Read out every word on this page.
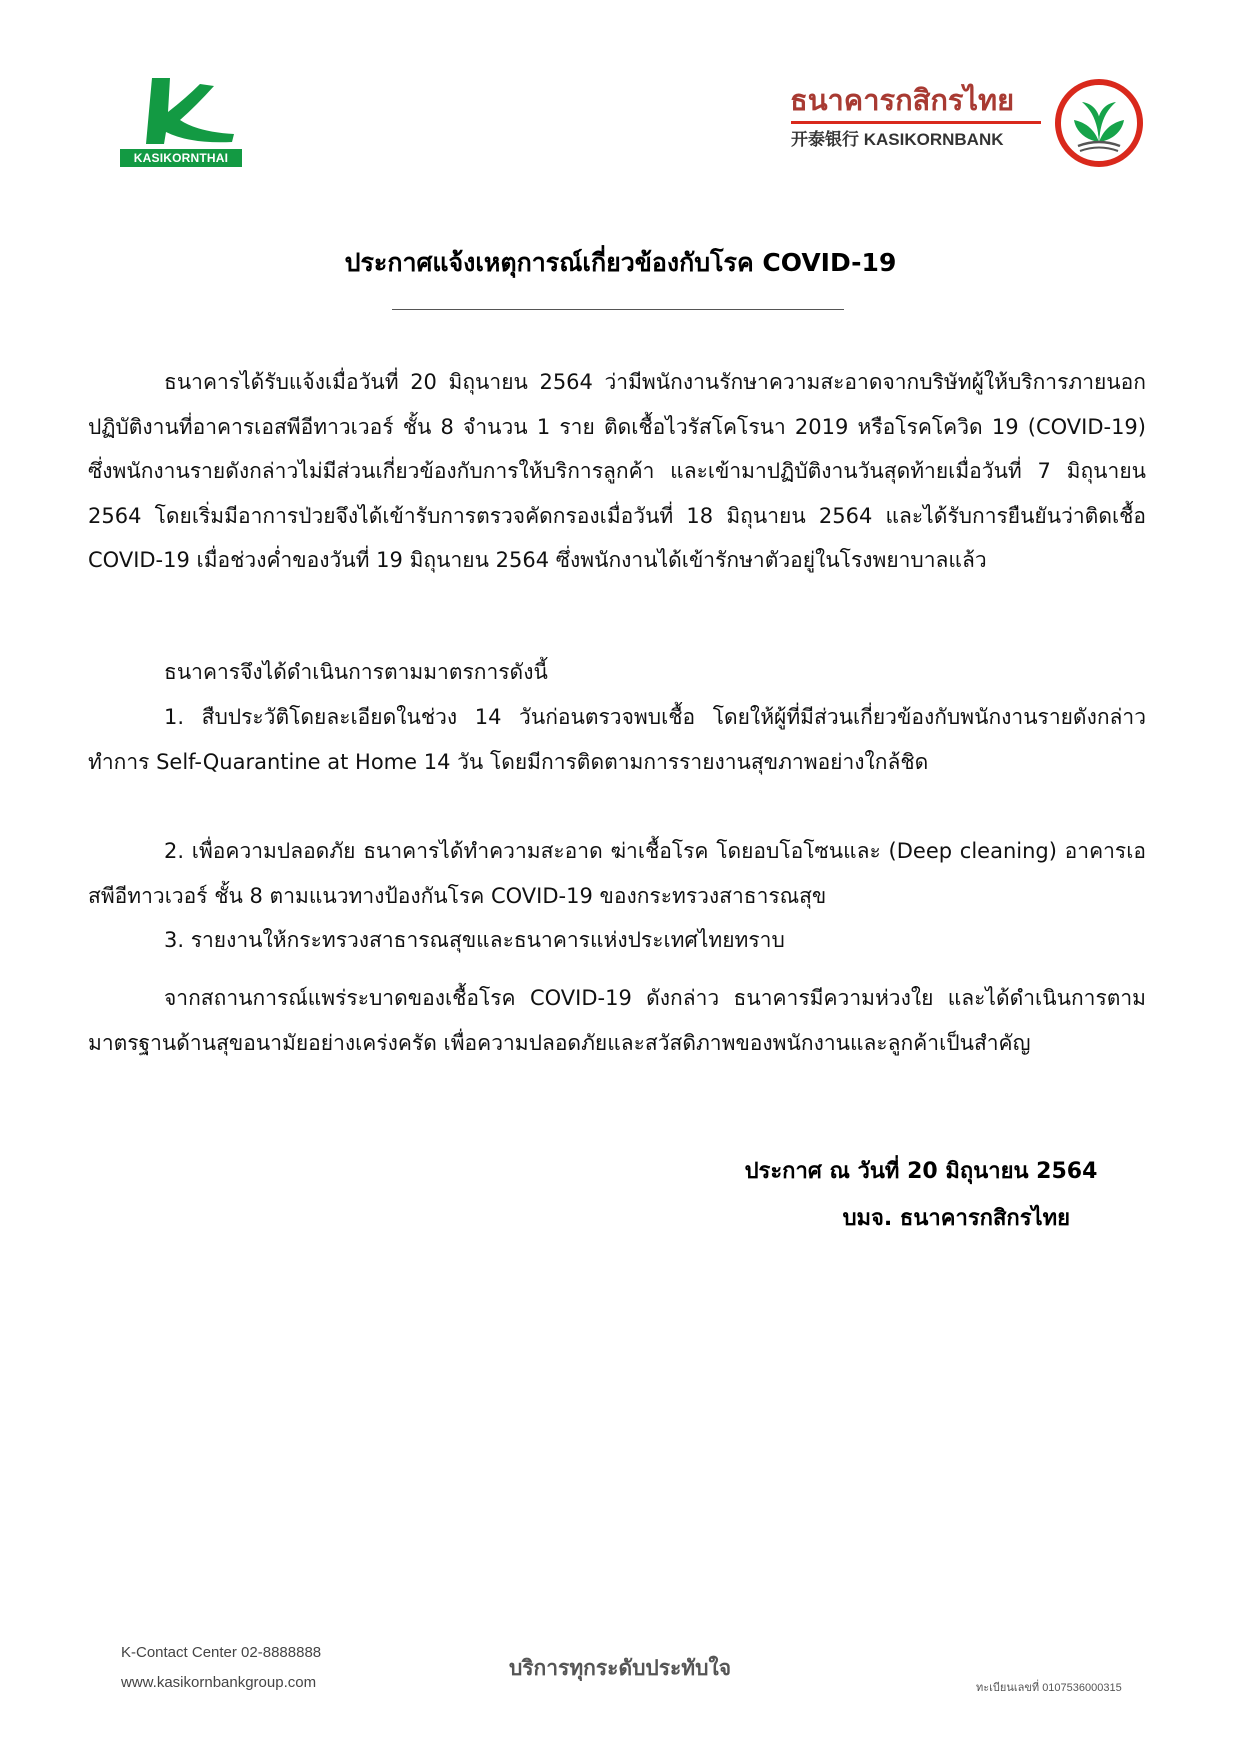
KASIKORNTHAI
ธนาคารกสิกรไทย
开泰银行 KASIKORNBANK
ประกาศแจ้งเหตุการณ์เกี่ยวข้องกับโรค COVID-19
ธนาคารได้รับแจ้งเมื่อวันที่ 20 มิถุนายน 2564 ว่ามีพนักงานรักษาความสะอาดจากบริษัทผู้ให้บริการภายนอก ปฏิบัติงานที่อาคารเอสพีอีทาวเวอร์ ชั้น 8 จำนวน 1 ราย ติดเชื้อไวรัสโคโรนา 2019 หรือโรคโควิด 19 (COVID-19) ซึ่งพนักงานรายดังกล่าวไม่มีส่วนเกี่ยวข้องกับการให้บริการลูกค้า และเข้ามาปฏิบัติงานวันสุดท้ายเมื่อวันที่ 7 มิถุนายน 2564 โดยเริ่มมีอาการป่วยจึงได้เข้ารับการตรวจคัดกรองเมื่อวันที่ 18 มิถุนายน 2564 และได้รับการยืนยันว่าติดเชื้อ COVID-19 เมื่อช่วงค่ำของวันที่ 19 มิถุนายน 2564 ซึ่งพนักงานได้เข้ารักษาตัวอยู่ในโรงพยาบาลแล้ว
ธนาคารจึงได้ดำเนินการตามมาตรการดังนี้
1. สืบประวัติโดยละเอียดในช่วง 14 วันก่อนตรวจพบเชื้อ โดยให้ผู้ที่มีส่วนเกี่ยวข้องกับพนักงานรายดังกล่าวทำการ Self-Quarantine at Home 14 วัน โดยมีการติดตามการรายงานสุขภาพอย่างใกล้ชิด
2. เพื่อความปลอดภัย ธนาคารได้ทำความสะอาด ฆ่าเชื้อโรค โดยอบโอโซนและ (Deep cleaning) อาคารเอสพีอีทาวเวอร์ ชั้น 8 ตามแนวทางป้องกันโรค COVID-19 ของกระทรวงสาธารณสุข
3. รายงานให้กระทรวงสาธารณสุขและธนาคารแห่งประเทศไทยทราบ
จากสถานการณ์แพร่ระบาดของเชื้อโรค COVID-19 ดังกล่าว ธนาคารมีความห่วงใย และได้ดำเนินการตามมาตรฐานด้านสุขอนามัยอย่างเคร่งครัด เพื่อความปลอดภัยและสวัสดิภาพของพนักงานและลูกค้าเป็นสำคัญ
ประกาศ ณ วันที่ 20 มิถุนายน 2564
บมจ. ธนาคารกสิกรไทย
K-Contact Center 02-8888888
www.kasikornbankgroup.com
บริการทุกระดับประทับใจ
ทะเบียนเลขที่ 0107536000315
